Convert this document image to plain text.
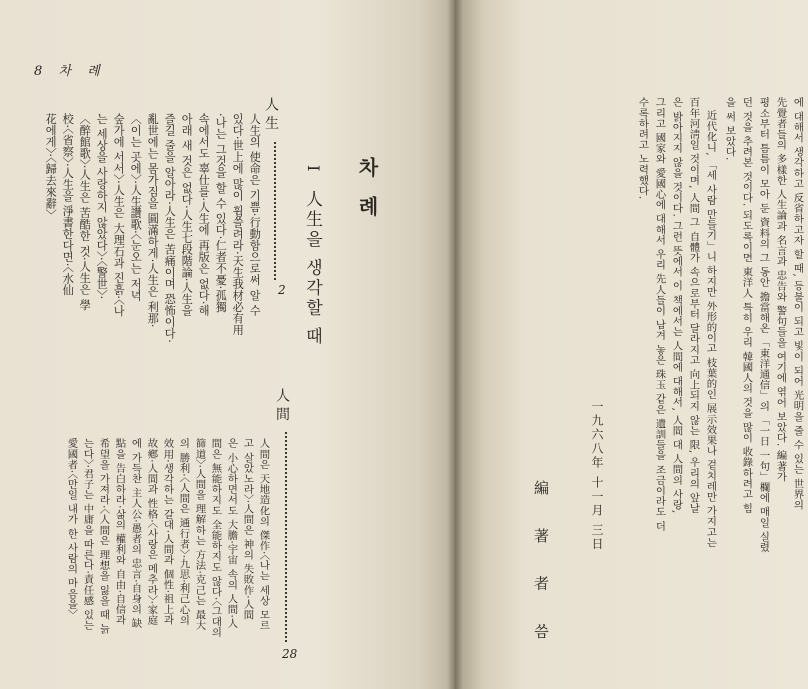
8 차 례
차 례
I
人生을 생각할 때
人 生
2
人生의 使命은 기쁨·行動함으로써 알 수
있다·世上에 많이 휩쓸려라·天生我材必有用
·나는 그것을 할 수 있다·仁者不憂·孤獨
속에서도 辜仕를·人生에 再版은 없다·해
아래 새 것은 없다·人生七段階論·人生을
즐길 줄을 알아라·人生은 苦痛이며 恐怖이다·
亂世에는 몸가짐을 圓滿하게·人生은 利那·
〈이는 곳에〉·人生讚歌·〈눈오는 저녁
숲가에 서서〉·人生은 大理石과 진흙·〈나
는 세상을 사랑하지 않았다〉·〈警世〉·
〈醉館歌〉·人生은 苦酷한 것·人生은 學
校·〈省察〉·人生을 淨書한다면·〈水仙
花에게〉·〈歸去來辭〉
人 間
28
人間은 天地造化의 傑作·〈나는 세상 모르
고 살았노라〉·人間은 神의 失敗作·人間
은 小心하면서도 大膽·宇宙 속의 人間·人
間은 無能하지도 全能하지도 않다·〈그대의
篩道〉·人間을 理解하는 方法·克己는 最大
의 勝利·〈人間은 通行者〉·九思·利己心의
效用·생각하는 갈대·人間과 個性·祖上과
故鄕·人間과 性格·〈사랑은 메추라〉·家庭
에 가득찬 主人公·愚者의 忠言·自身의 缺
點을 告白하라·삶의 權利와 自由·自信과
希望을 가져라·〈人間은 理想을 잃을 때 늙
는다〉·君子는 中庸을 따른다·責任感 있는
愛國者·〈만일 내가 한 사람의 마음을〉
에 대해서 생각하고 反省하고자 할 때, 등불이 되고 빛이 되어 光明을 줄 수 있는 世界의
先覺者들의 多樣한 人生論과 名言과 忠告와 警句들을 여기에 엮어 보았다. 編著가
평소부터 틈틈이 모아 둔 資料의 그 동안 擔當해온 「東洋通信」의 「一日 一句」欄에 매일 실렸
던 것을 추려본 것이다. 되도록이면 東洋人 특히 우리 韓國人의 것을 많이 收錄하려고 힘
을 써 보았다.
近代化니, 「세 사람 만들기」니 하지만 外形的이고 枝葉的인 展示效果나 겉치레만 가지고는
百年河淸일 것이며, 人間 그 自體가 속으로부터 달라지고 向上되지 않는 限, 우리의 앞날
은 밝아지지 않을 것이다. 그런 뜻에서 이 책에서는 人間에 대해서, 人間 대 人間의 사랑,
그리고 國家와 愛國心에 대해서 우리 先人들이 남겨 놓은 珠玉 같은 遺訓들을 조금이라도 더
수록하려고 노력했다.
一九六八年 十一月 三日
編 著 者 씀
